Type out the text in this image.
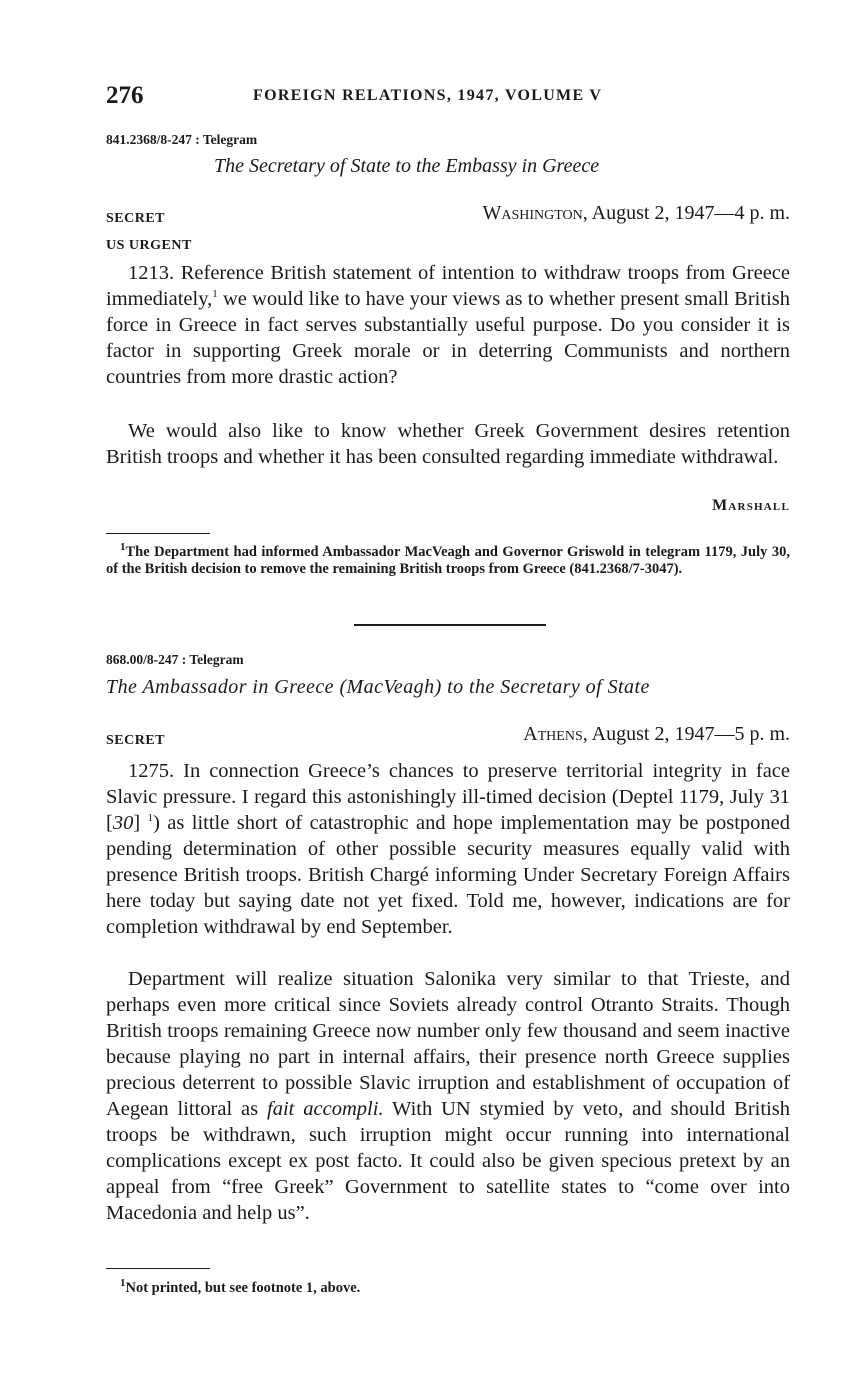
276	FOREIGN RELATIONS, 1947, VOLUME V
841.2368/8-247 : Telegram
The Secretary of State to the Embassy in Greece
SECRET	Washington, August 2, 1947—4 p. m.
US URGENT

1213. Reference British statement of intention to withdraw troops from Greece immediately,$^1$ we would like to have your views as to whether present small British force in Greece in fact serves substantially useful purpose. Do you consider it is factor in supporting Greek morale or in deterring Communists and northern countries from more drastic action?

We would also like to know whether Greek Government desires retention British troops and whether it has been consulted regarding immediate withdrawal.

Marshall

$^1$The Department had informed Ambassador MacVeagh and Governor Griswold in telegram 1179, July 30, of the British decision to remove the remaining British troops from Greece (841.2368/7-3047).

868.00/8-247 : Telegram
The Ambassador in Greece (MacVeagh) to the Secretary of State
SECRET	Athens, August 2, 1947—5 p. m.

1275. In connection Greece’s chances to preserve territorial integrity in face Slavic pressure. I regard this astonishingly ill-timed decision (Deptel 1179, July 31 [30] $^1$) as little short of catastrophic and hope implementation may be postponed pending determination of other possible security measures equally valid with presence British troops. British Chargé informing Under Secretary Foreign Affairs here today but saying date not yet fixed. Told me, however, indications are for completion withdrawal by end September.

Department will realize situation Salonika very similar to that Trieste, and perhaps even more critical since Soviets already control Otranto Straits. Though British troops remaining Greece now number only few thousand and seem inactive because playing no part in internal affairs, their presence north Greece supplies precious deterrent to possible Slavic irruption and establishment of occupation of Aegean littoral as fait accompli. With UN stymied by veto, and should British troops be withdrawn, such irruption might occur running into international complications except ex post facto. It could also be given specious pretext by an appeal from “free Greek” Government to satellite states to “come over into Macedonia and help us”.

$^1$Not printed, but see footnote 1, above.
